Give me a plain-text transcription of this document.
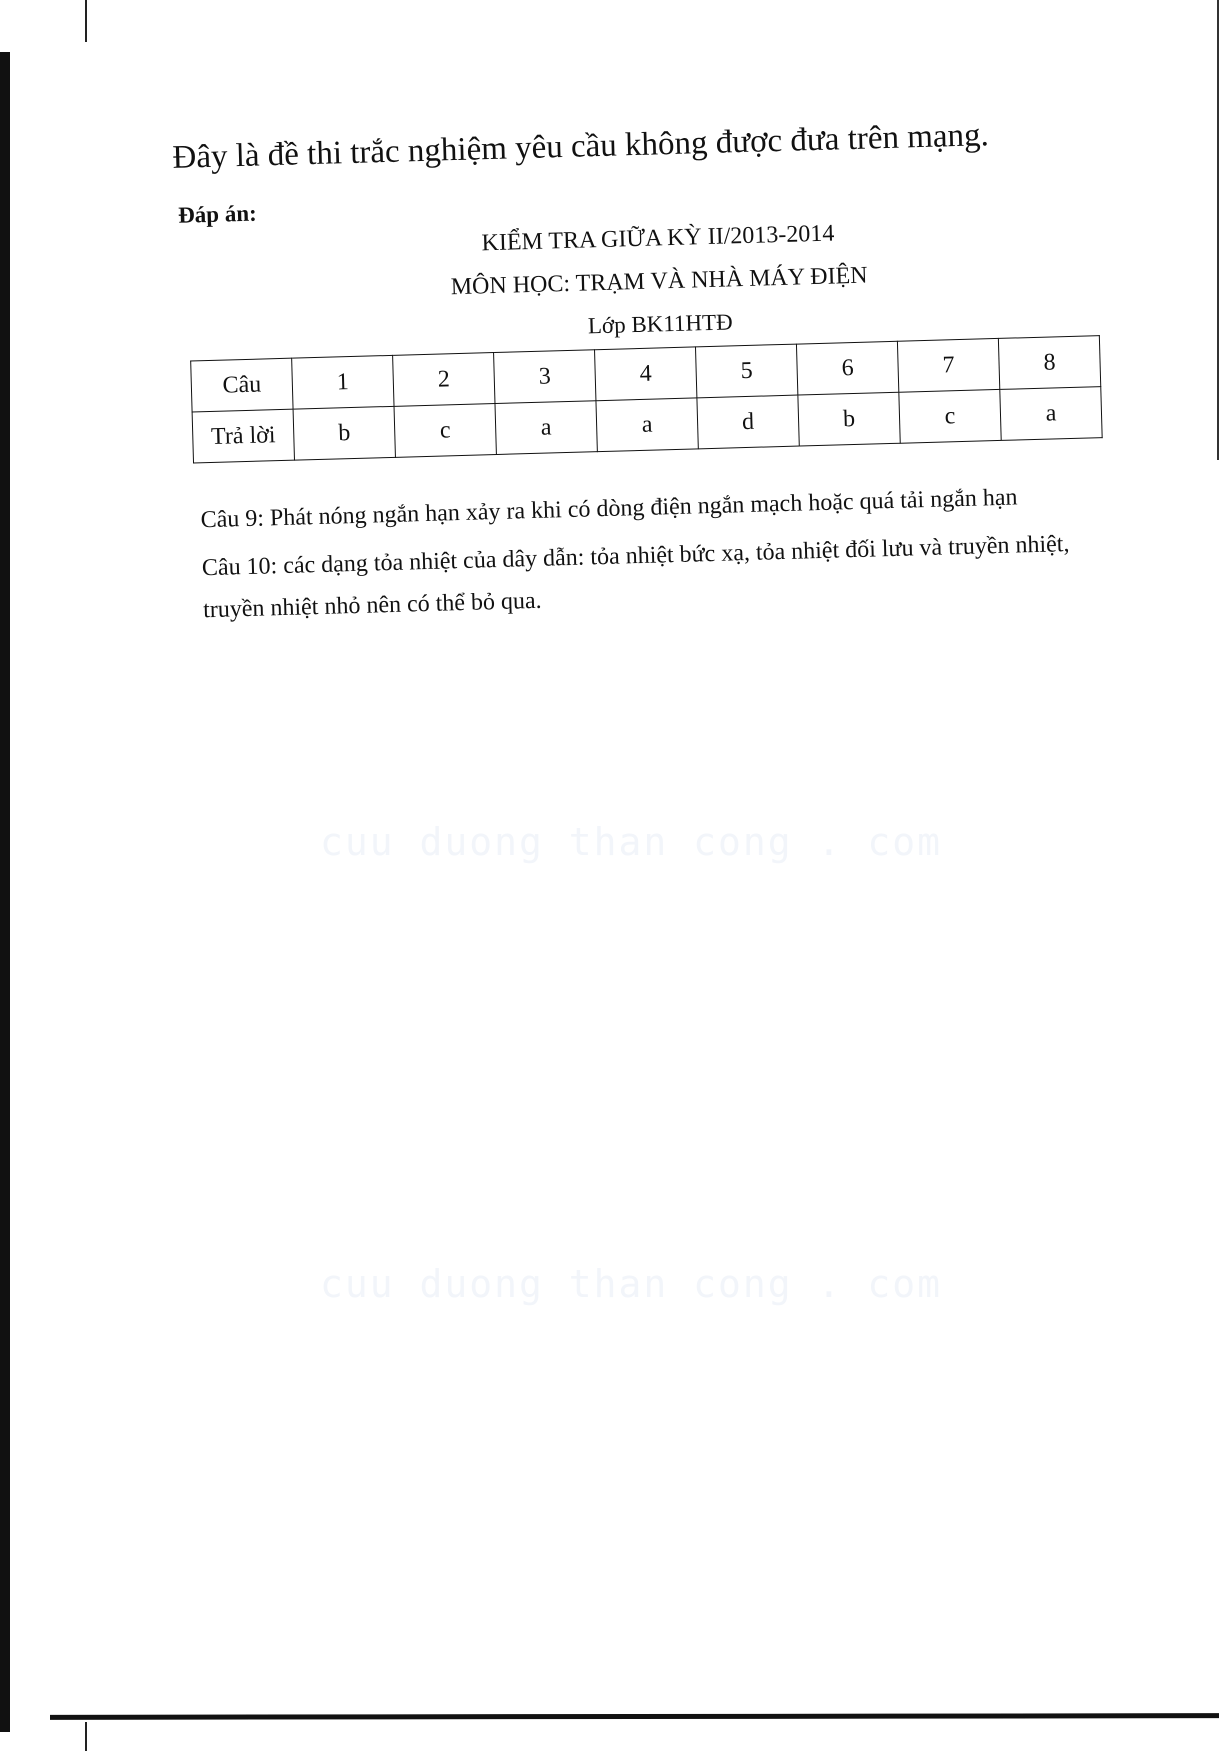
cuu duong than cong . com
cuu duong than cong . com
Đây là đề thi trắc nghiệm yêu cầu không được đưa trên mạng.
Đáp án:
KIỂM TRA GIỮA KỲ II/2013-2014
MÔN HỌC: TRẠM VÀ NHÀ MÁY ĐIỆN
Lớp BK11HTĐ
Câu	1	2	3	4	5	6	7	8
Trả lời	b	c	a	a	d	b	c	a
Câu 9: Phát nóng ngắn hạn xảy ra khi có dòng điện ngắn mạch hoặc quá tải ngắn hạn
Câu 10: các dạng tỏa nhiệt của dây dẫn: tỏa nhiệt bức xạ, tỏa nhiệt đối lưu và truyền nhiệt, truyền nhiệt nhỏ nên có thể bỏ qua.
